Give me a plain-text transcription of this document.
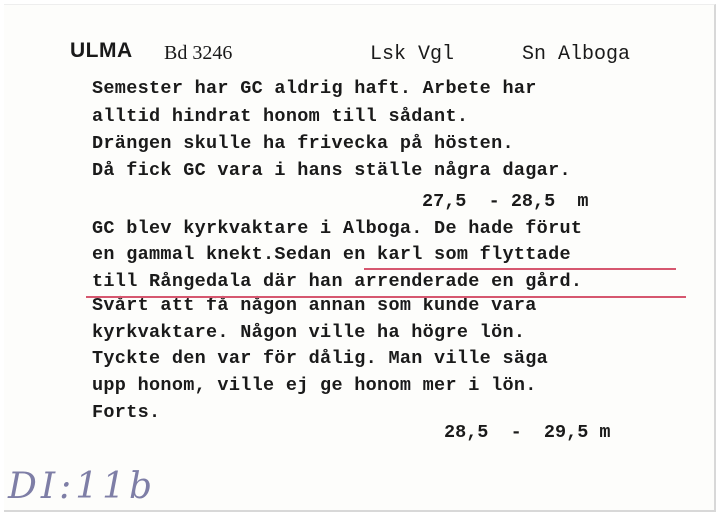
ULMA Bd 3246	Lsk Vgl	Sn Alboga
Semester har GC aldrig haft. Arbete har
alltid hindrat honom till sådant.
Drängen skulle ha frivecka på hösten.
Då fick GC vara i hans ställe några dagar.
27,5  - 28,5  m
GC blev kyrkvaktare i Alboga. De hade förut
en gammal knekt.Sedan en karl som flyttade
till Rångedala där han arrenderade en gård.
Svårt att få någon annan som kunde vara
kyrkvaktare. Någon ville ha högre lön.
Tyckte den var för dålig. Man ville säga
upp honom, ville ej ge honom mer i lön.
Forts.
28,5  -  29,5 m
DI:11b
